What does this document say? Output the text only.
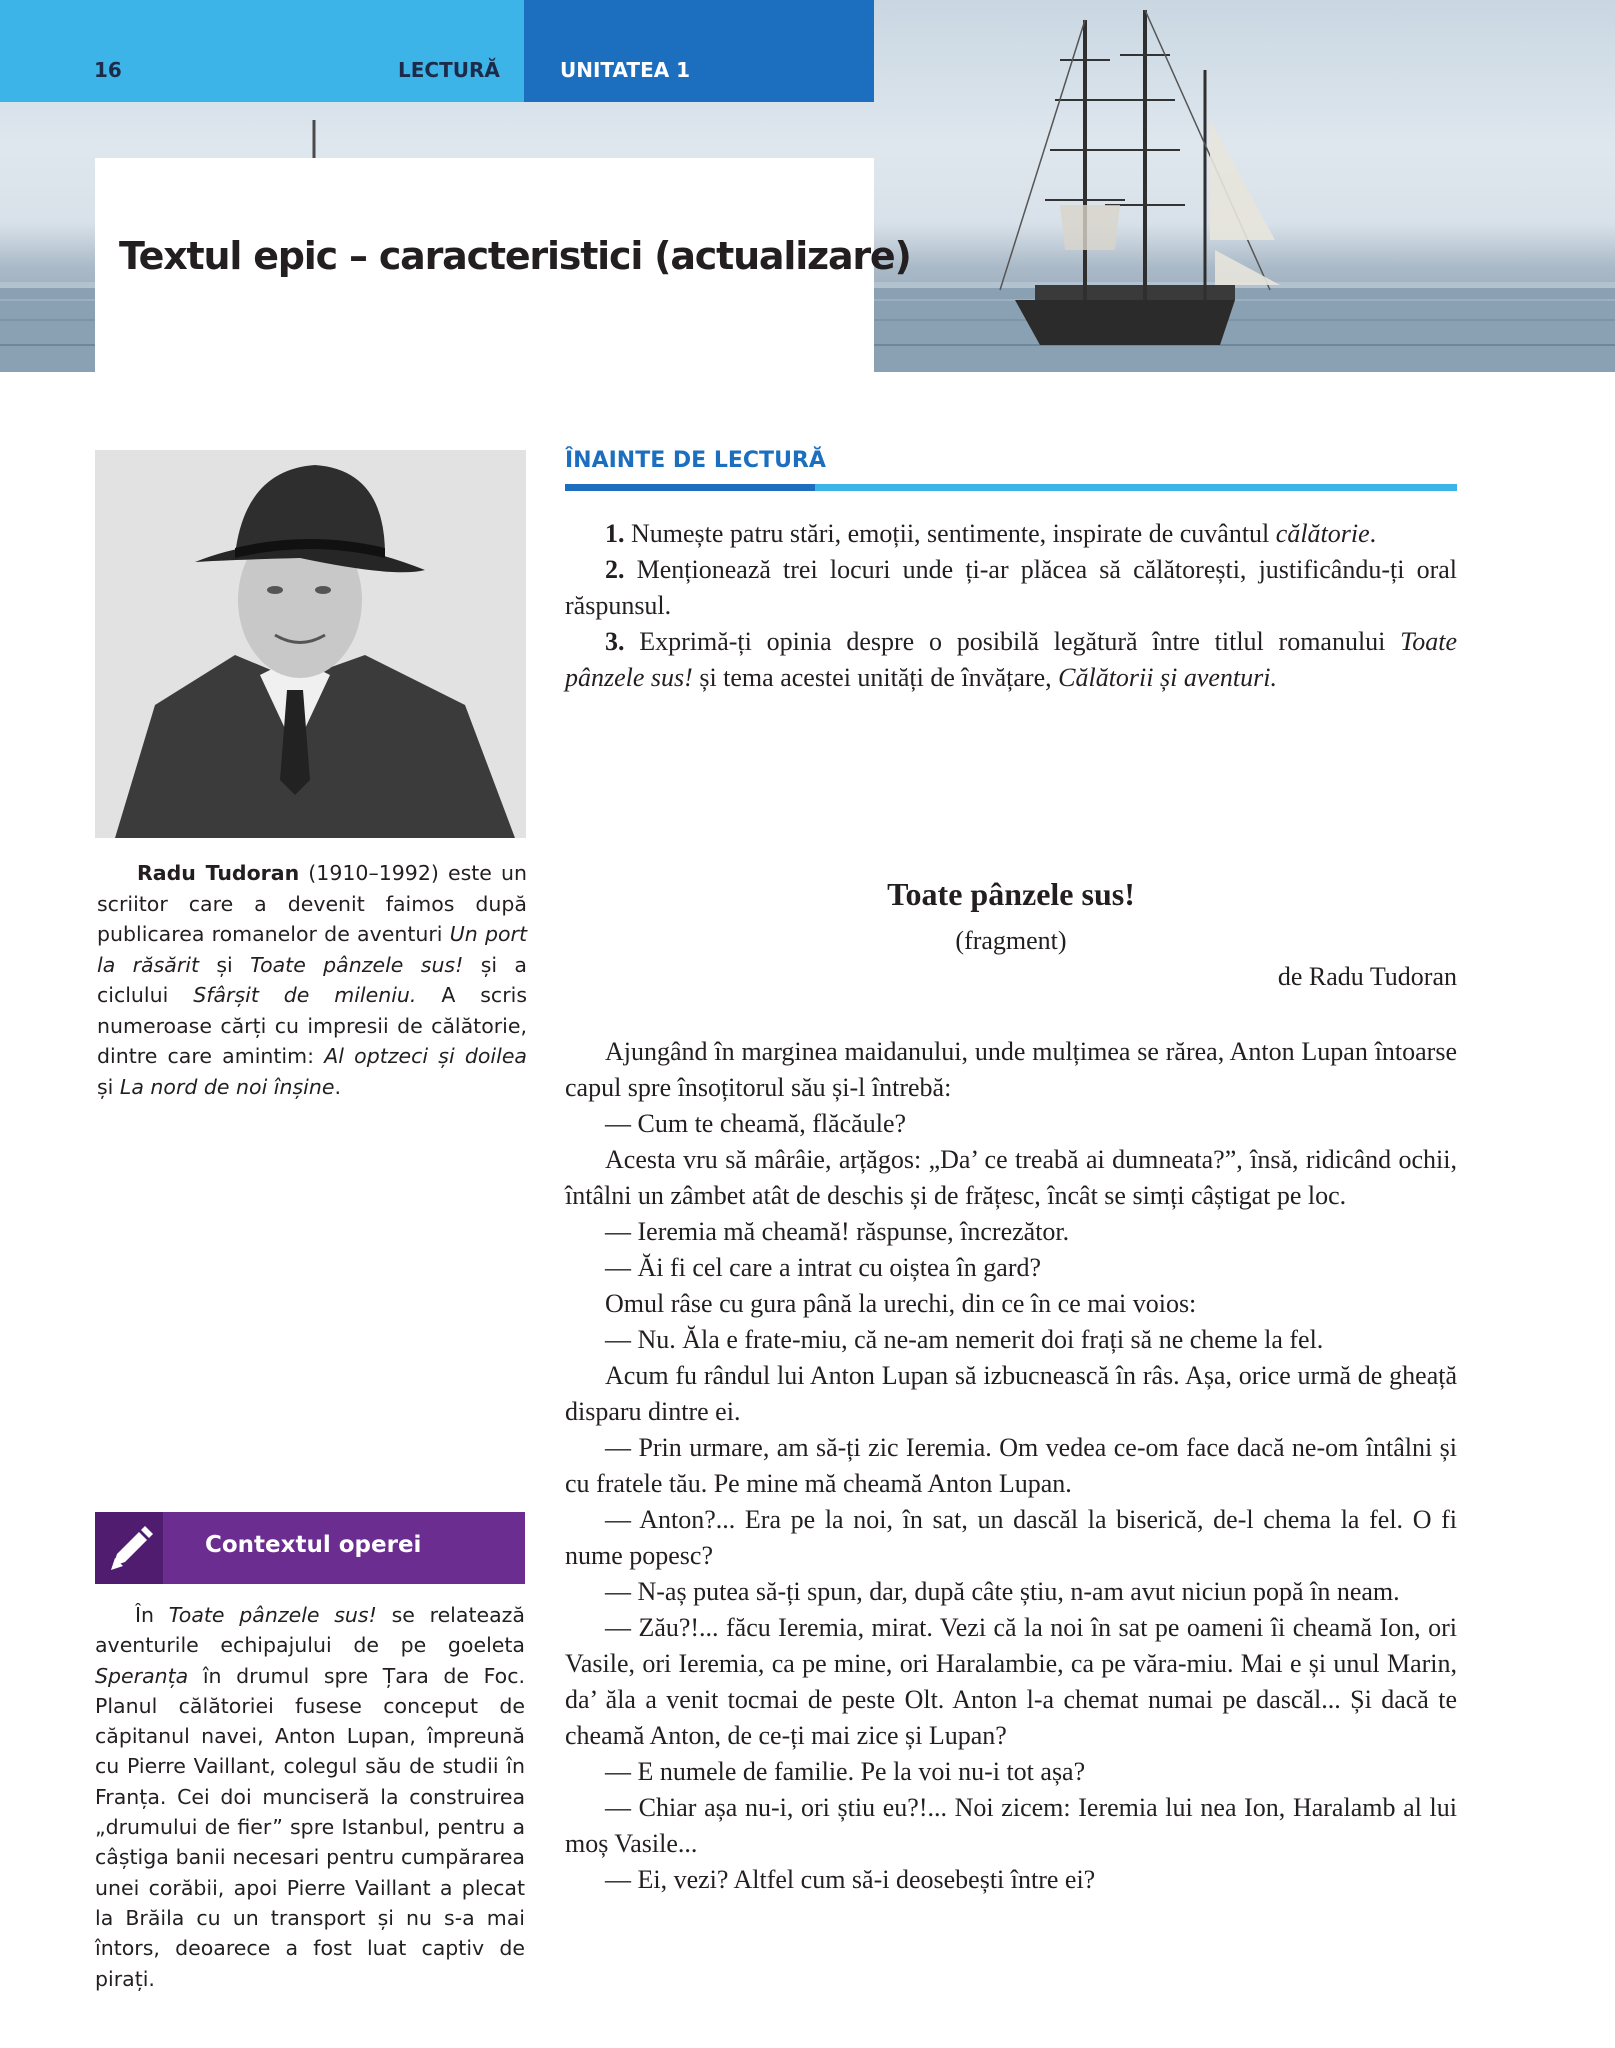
16	LECTURĂ	UNITATEA 1
Textul epic – caracteristici (actualizare)

Radu Tudoran (1910–1992) este un scriitor care a devenit faimos după publicarea romanelor de aventuri Un port la răsărit și Toate pânzele sus! și a ciclului Sfârșit de mileniu. A scris numeroase cărți cu impresii de călătorie, dintre care amintim: Al optzeci și doilea și La nord de noi înșine.

Contextul operei

În Toate pânzele sus! se relatează aventurile echipajului de pe goeleta Speranța în drumul spre Țara de Foc. Planul călătoriei fusese conceput de căpitanul navei, Anton Lupan, împreună cu Pierre Vaillant, colegul său de studii în Franța. Cei doi munciseră la construirea „drumului de fier” spre Istanbul, pentru a câștiga banii necesari pentru cumpărarea unei corăbii, apoi Pierre Vaillant a plecat la Brăila cu un transport și nu s-a mai întors, deoarece a fost luat captiv de pirați.

ÎNAINTE DE LECTURĂ

1. Numește patru stări, emoții, sentimente, inspirate de cuvântul călătorie.

2. Menționează trei locuri unde ți-ar plăcea să călătorești, justificându-ți oral răspunsul.

3. Exprimă-ți opinia despre o posibilă legătură între titlul romanului Toate pânzele sus! și tema acestei unități de învățare, Călătorii și aventuri.

Toate pânzele sus!
(fragment)
de Radu Tudoran

Ajungând în marginea maidanului, unde mulțimea se rărea, Anton Lupan întoarse capul spre însoțitorul său și-l întrebă:

— Cum te cheamă, flăcăule?

Acesta vru să mârâie, arțăgos: „Da’ ce treabă ai dumneata?”, însă, ridicând ochii, întâlni un zâmbet atât de deschis și de frățesc, încât se simți câștigat pe loc.

— Ieremia mă cheamă! răspunse, încrezător.

— Ăi fi cel care a intrat cu oiștea în gard?

Omul râse cu gura până la urechi, din ce în ce mai voios:

— Nu. Ăla e frate-miu, că ne-am nemerit doi frați să ne cheme la fel.

Acum fu rândul lui Anton Lupan să izbucnească în râs. Așa, orice urmă de gheață disparu dintre ei.

— Prin urmare, am să-ți zic Ieremia. Om vedea ce-om face dacă ne-om întâlni și cu fratele tău. Pe mine mă cheamă Anton Lupan.

— Anton?... Era pe la noi, în sat, un dascăl la biserică, de-l chema la fel. O fi nume popesc?

— N-aș putea să-ți spun, dar, după câte știu, n-am avut niciun popă în neam.

— Zău?!... făcu Ieremia, mirat. Vezi că la noi în sat pe oameni îi cheamă Ion, ori Vasile, ori Ieremia, ca pe mine, ori Haralambie, ca pe văra-miu. Mai e și unul Marin, da’ ăla a venit tocmai de peste Olt. Anton l-a chemat numai pe dascăl... Și dacă te cheamă Anton, de ce-ți mai zice și Lupan?

— E numele de familie. Pe la voi nu-i tot așa?

— Chiar așa nu-i, ori știu eu?!... Noi zicem: Ieremia lui nea Ion, Haralamb al lui moș Vasile...

— Ei, vezi? Altfel cum să-i deosebești între ei?
